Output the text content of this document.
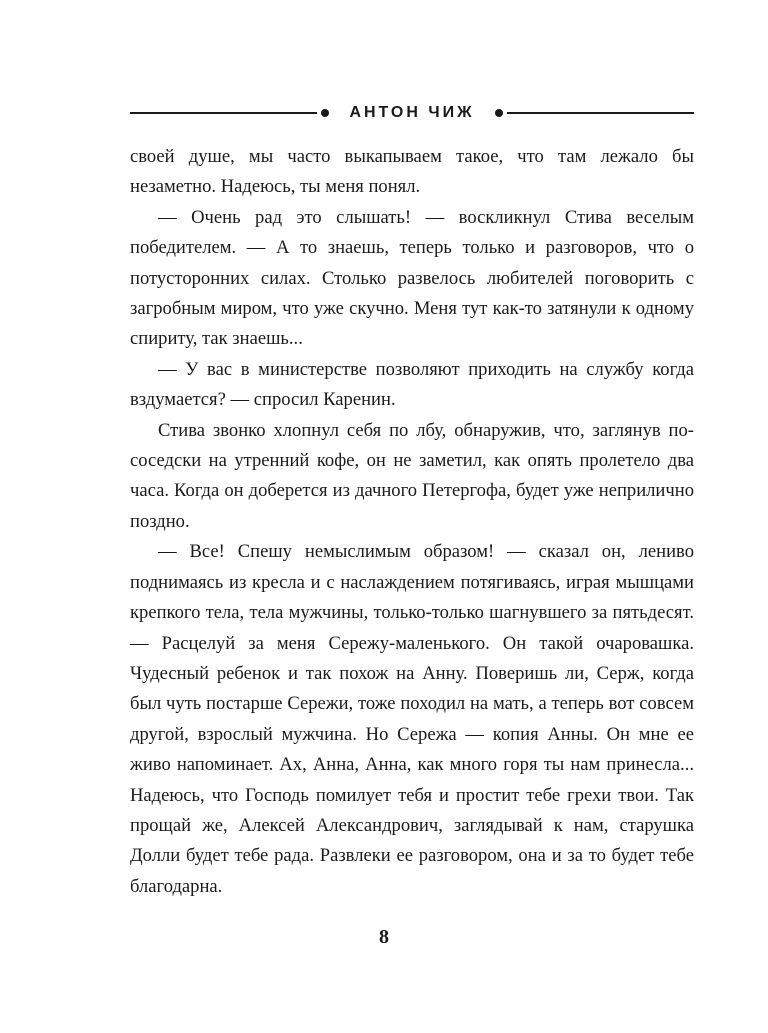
АНТОН ЧИЖ

своей душе, мы часто выкапываем такое, что там лежало бы незаметно. Надеюсь, ты меня понял.

— Очень рад это слышать! — воскликнул Стива веселым победителем. — А то знаешь, теперь только и разговоров, что о потусторонних силах. Столько развелось любителей поговорить с загробным миром, что уже скучно. Меня тут как-то затянули к одному спириту, так знаешь...

— У вас в министерстве позволяют приходить на службу когда вздумается? — спросил Каренин.

Стива звонко хлопнул себя по лбу, обнаружив, что, заглянув по-соседски на утренний кофе, он не заметил, как опять пролетело два часа. Когда он доберется из дачного Петергофа, будет уже неприлично поздно.

— Все! Спешу немыслимым образом! — сказал он, лениво поднимаясь из кресла и с наслаждением потягиваясь, играя мышцами крепкого тела, тела мужчины, только-только шагнувшего за пятьдесят. — Расцелуй за меня Сережу-маленького. Он такой очаровашка. Чудесный ребенок и так похож на Анну. Поверишь ли, Серж, когда был чуть постарше Сережи, тоже походил на мать, а теперь вот совсем другой, взрослый мужчина. Но Сережа — копия Анны. Он мне ее живо напоминает. Ах, Анна, Анна, как много горя ты нам принесла... Надеюсь, что Господь помилует тебя и простит тебе грехи твои. Так прощай же, Алексей Александрович, заглядывай к нам, старушка Долли будет тебе рада. Развлеки ее разговором, она и за то будет тебе благодарна.

8
